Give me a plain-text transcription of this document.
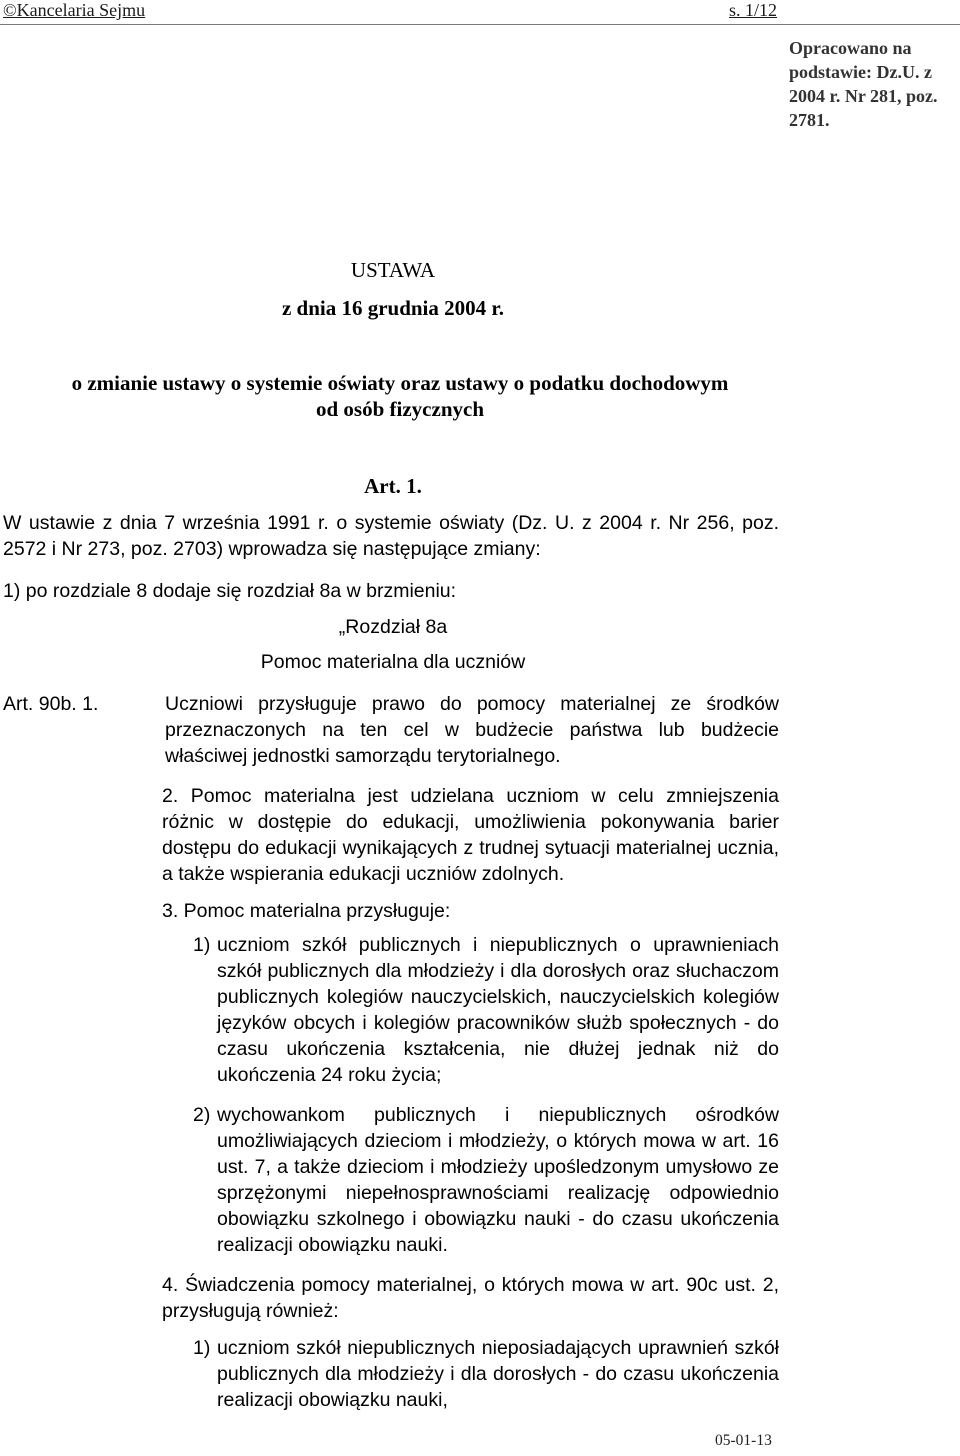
©Kancelaria Sejmu	s. 1/12
Opracowano na podstawie: Dz.U. z 2004 r. Nr 281, poz. 2781.
USTAWA
z dnia 16 grudnia 2004 r.
o zmianie ustawy o systemie oświaty oraz ustawy o podatku dochodowym
od osób fizycznych
Art. 1.
W ustawie z dnia 7 września 1991 r. o systemie oświaty (Dz. U. z 2004 r. Nr 256, poz. 2572 i Nr 273, poz. 2703) wprowadza się następujące zmiany:
1) po rozdziale 8 dodaje się rozdział 8a w brzmieniu:
„Rozdział 8a
Pomoc materialna dla uczniów
Art. 90b. 1.	Uczniowi przysługuje prawo do pomocy materialnej ze środków przeznaczonych na ten cel w budżecie państwa lub budżecie właściwej jednostki samorządu terytorialnego.
2. Pomoc materialna jest udzielana uczniom w celu zmniejszenia różnic w dostępie do edukacji, umożliwienia pokonywania barier dostępu do edukacji wynikających z trudnej sytuacji materialnej ucznia, a także wspierania edukacji uczniów zdolnych.
3. Pomoc materialna przysługuje:
1) uczniom szkół publicznych i niepublicznych o uprawnieniach szkół publicznych dla młodzieży i dla dorosłych oraz słuchaczom publicznych kolegiów nauczycielskich, nauczycielskich kolegiów języków obcych i kolegiów pracowników służb społecznych - do czasu ukończenia kształcenia, nie dłużej jednak niż do ukończenia 24 roku życia;
2) wychowankom publicznych i niepublicznych ośrodków umożliwiających dzieciom i młodzieży, o których mowa w art. 16 ust. 7, a także dzieciom i młodzieży upośledzonym umysłowo ze sprzężonymi niepełnosprawnościami realizację odpowiednio obowiązku szkolnego i obowiązku nauki - do czasu ukończenia realizacji obowiązku nauki.
4. Świadczenia pomocy materialnej, o których mowa w art. 90c ust. 2, przysługują również:
1) uczniom szkół niepublicznych nieposiadających uprawnień szkół publicznych dla młodzieży i dla dorosłych - do czasu ukończenia realizacji obowiązku nauki,
05-01-13
